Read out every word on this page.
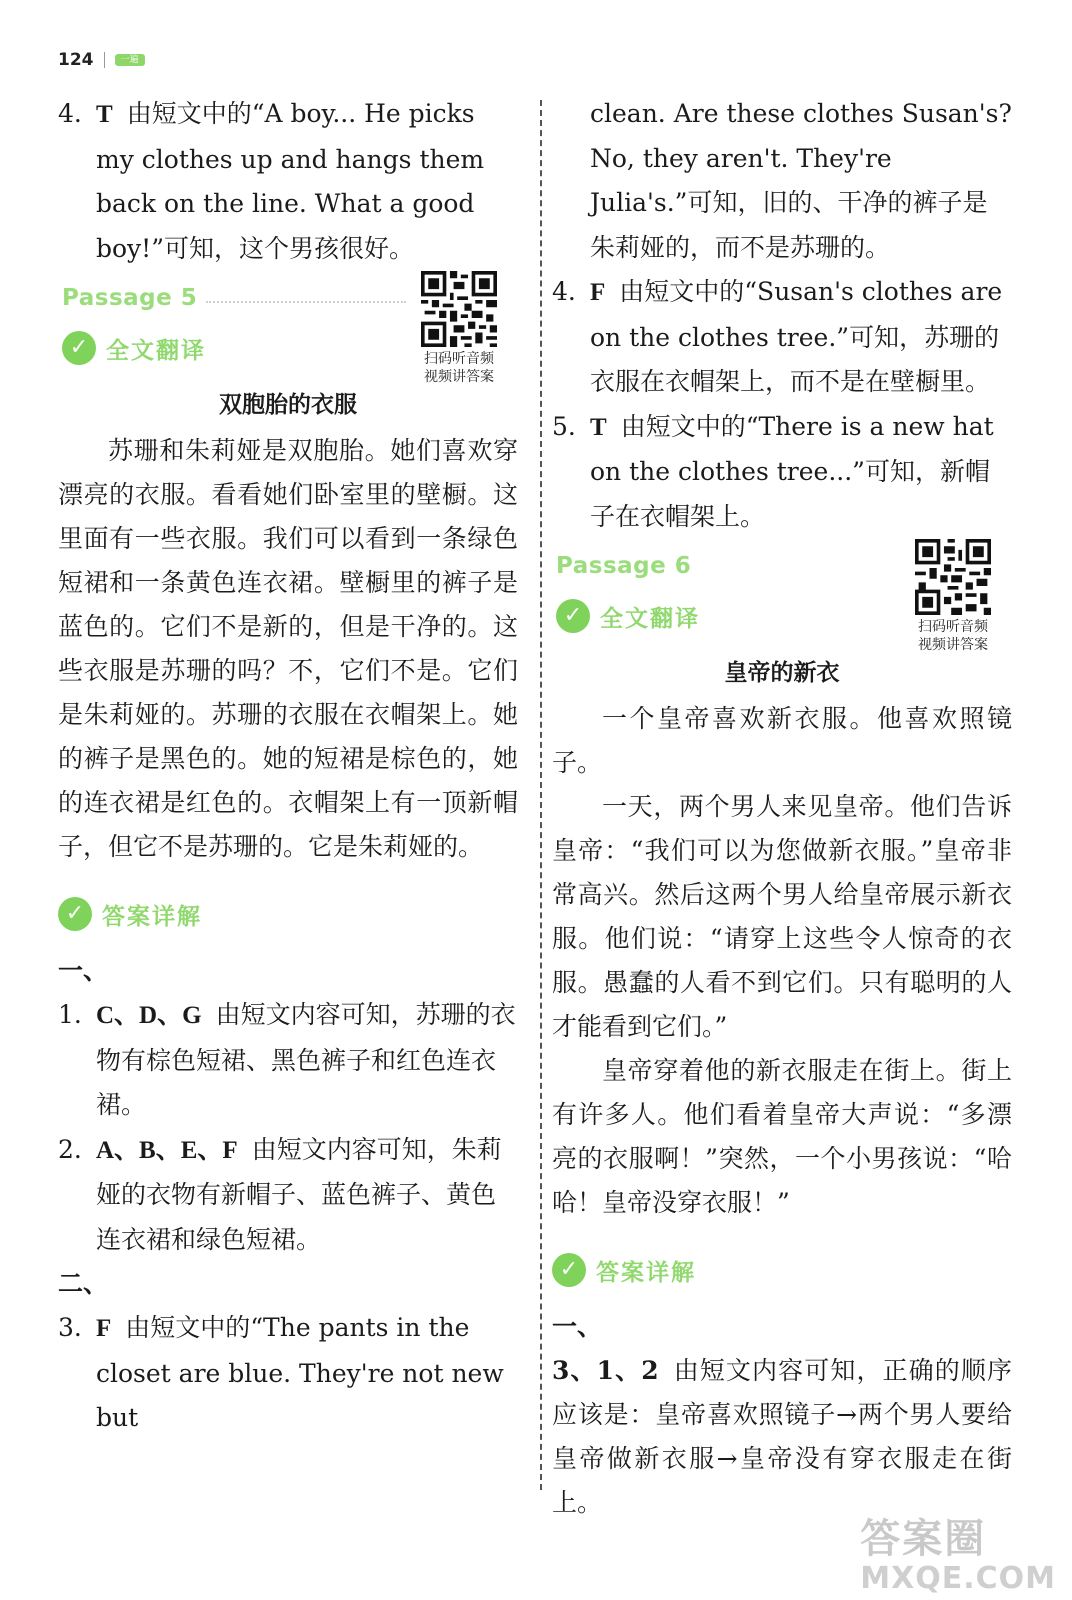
124	一遍
4. T 由短文中的“A boy... He picks my clothes up and hangs them back on the line. What a good boy!”可知，这个男孩很好。
Passage 5
✓ 全文翻译	扫码听音频
视频讲答案
双胞胎的衣服

苏珊和朱莉娅是双胞胎。她们喜欢穿漂亮的衣服。看看她们卧室里的壁橱。这里面有一些衣服。我们可以看到一条绿色短裙和一条黄色连衣裙。壁橱里的裤子是蓝色的。它们不是新的，但是干净的。这些衣服是苏珊的吗？不，它们不是。它们是朱莉娅的。苏珊的衣服在衣帽架上。她的裤子是黑色的。她的短裙是棕色的，她的连衣裙是红色的。衣帽架上有一顶新帽子，但它不是苏珊的。它是朱莉娅的。

✓ 答案详解
一、
1. C、D、G 由短文内容可知，苏珊的衣物有棕色短裙、黑色裤子和红色连衣裙。
2. A、B、E、F 由短文内容可知，朱莉娅的衣物有新帽子、蓝色裤子、黄色连衣裙和绿色短裙。
二、
3. F 由短文中的“The pants in the closet are blue. They're not new but
clean. Are these clothes Susan's? No, they aren't. They're Julia's.”可知，旧的、干净的裤子是朱莉娅的，而不是苏珊的。
4. F 由短文中的“Susan's clothes are on the clothes tree.”可知，苏珊的衣服在衣帽架上，而不是在壁橱里。
5. T 由短文中的“There is a new hat on the clothes tree...”可知，新帽子在衣帽架上。
Passage 6
✓ 全文翻译	扫码听音频
视频讲答案
皇帝的新衣

一个皇帝喜欢新衣服。他喜欢照镜子。

一天，两个男人来见皇帝。他们告诉皇帝：“我们可以为您做新衣服。”皇帝非常高兴。然后这两个男人给皇帝展示新衣服。他们说：“请穿上这些令人惊奇的衣服。愚蠢的人看不到它们。只有聪明的人才能看到它们。”

皇帝穿着他的新衣服走在街上。街上有许多人。他们看着皇帝大声说：“多漂亮的衣服啊！”突然，一个小男孩说：“哈哈！皇帝没穿衣服！”

✓ 答案详解
一、

3、1、2 由短文内容可知，正确的顺序应该是：皇帝喜欢照镜子→两个男人要给皇帝做新衣服→皇帝没有穿衣服走在街上。

答案圈
MXQE.COM
